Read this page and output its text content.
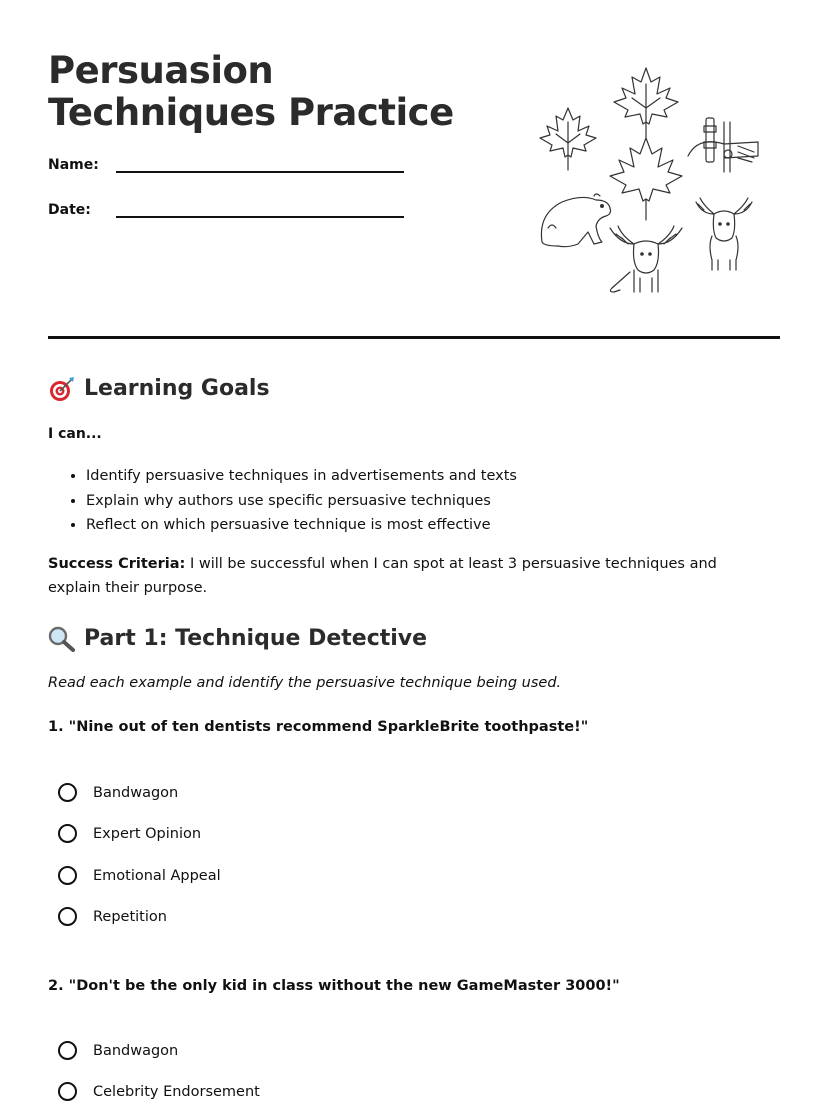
Persuasion Techniques Practice
Name:
Date:
Learning Goals
I can...
• Identify persuasive techniques in advertisements and texts
• Explain why authors use specific persuasive techniques
• Reflect on which persuasive technique is most effective

Success Criteria: I will be successful when I can spot at least 3 persuasive techniques and explain their purpose.

Part 1: Technique Detective

Read each example and identify the persuasive technique being used.

1. "Nine out of ten dentists recommend SparkleBrite toothpaste!"

Bandwagon
Expert Opinion
Emotional Appeal
Repetition

2. "Don't be the only kid in class without the new GameMaster 3000!"

Bandwagon
Celebrity Endorsement
